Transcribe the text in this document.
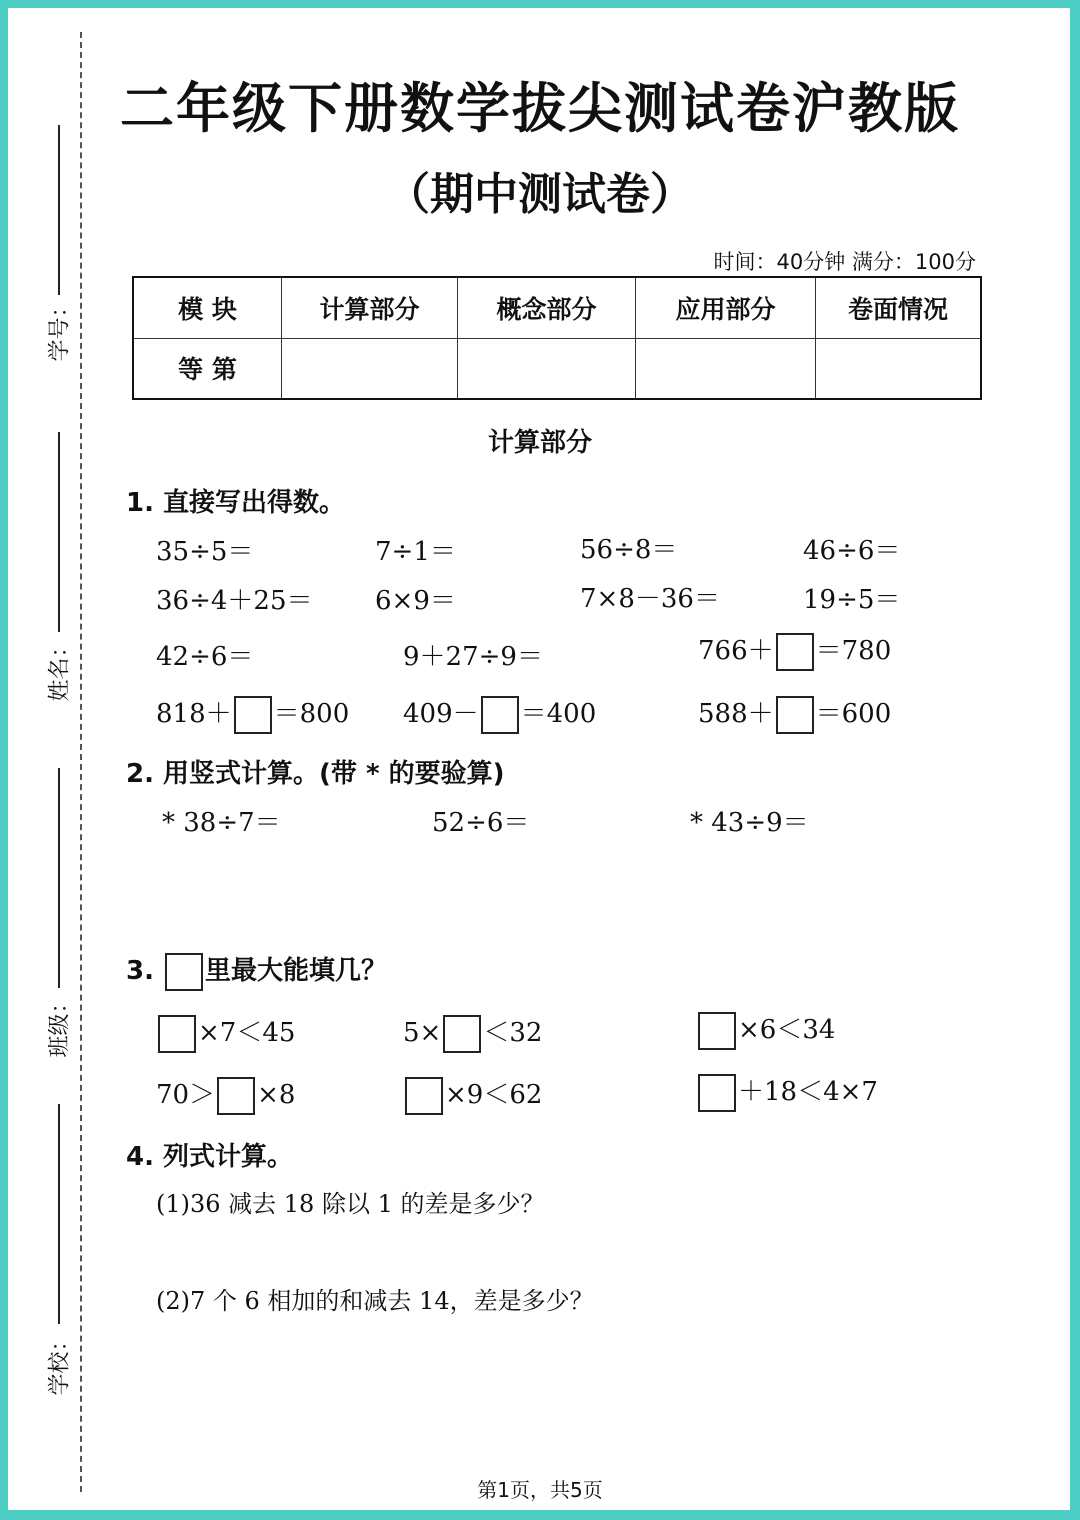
学号：
姓名：
班级：
学校：
二年级下册数学拔尖测试卷沪教版
（期中测试卷）
时间：40分钟 满分：100分
模 块	计算部分	概念部分	应用部分	卷面情况
等 第				
计算部分
1. 直接写出得数。
35÷5＝	7÷1＝	56÷8＝	46÷6＝
36÷4＋25＝ 6×9＝	7×8－36＝	19÷5＝
42÷6＝	9＋27÷9＝	766＋ ＝780
818＋ ＝800 409－ ＝400	588＋ ＝600
2. 用竖式计算。(带 * 的要验算)
* 38÷7＝	52÷6＝	* 43÷9＝
3. 里最大能填几？
×7＜45	5× ＜32	×6＜34
70＞ ×8	×9＜62	＋18＜4×7
4. 列式计算。
(1)36 减去 18 除以 1 的差是多少？
(2)7 个 6 相加的和减去 14，差是多少？
第1页，共5页
